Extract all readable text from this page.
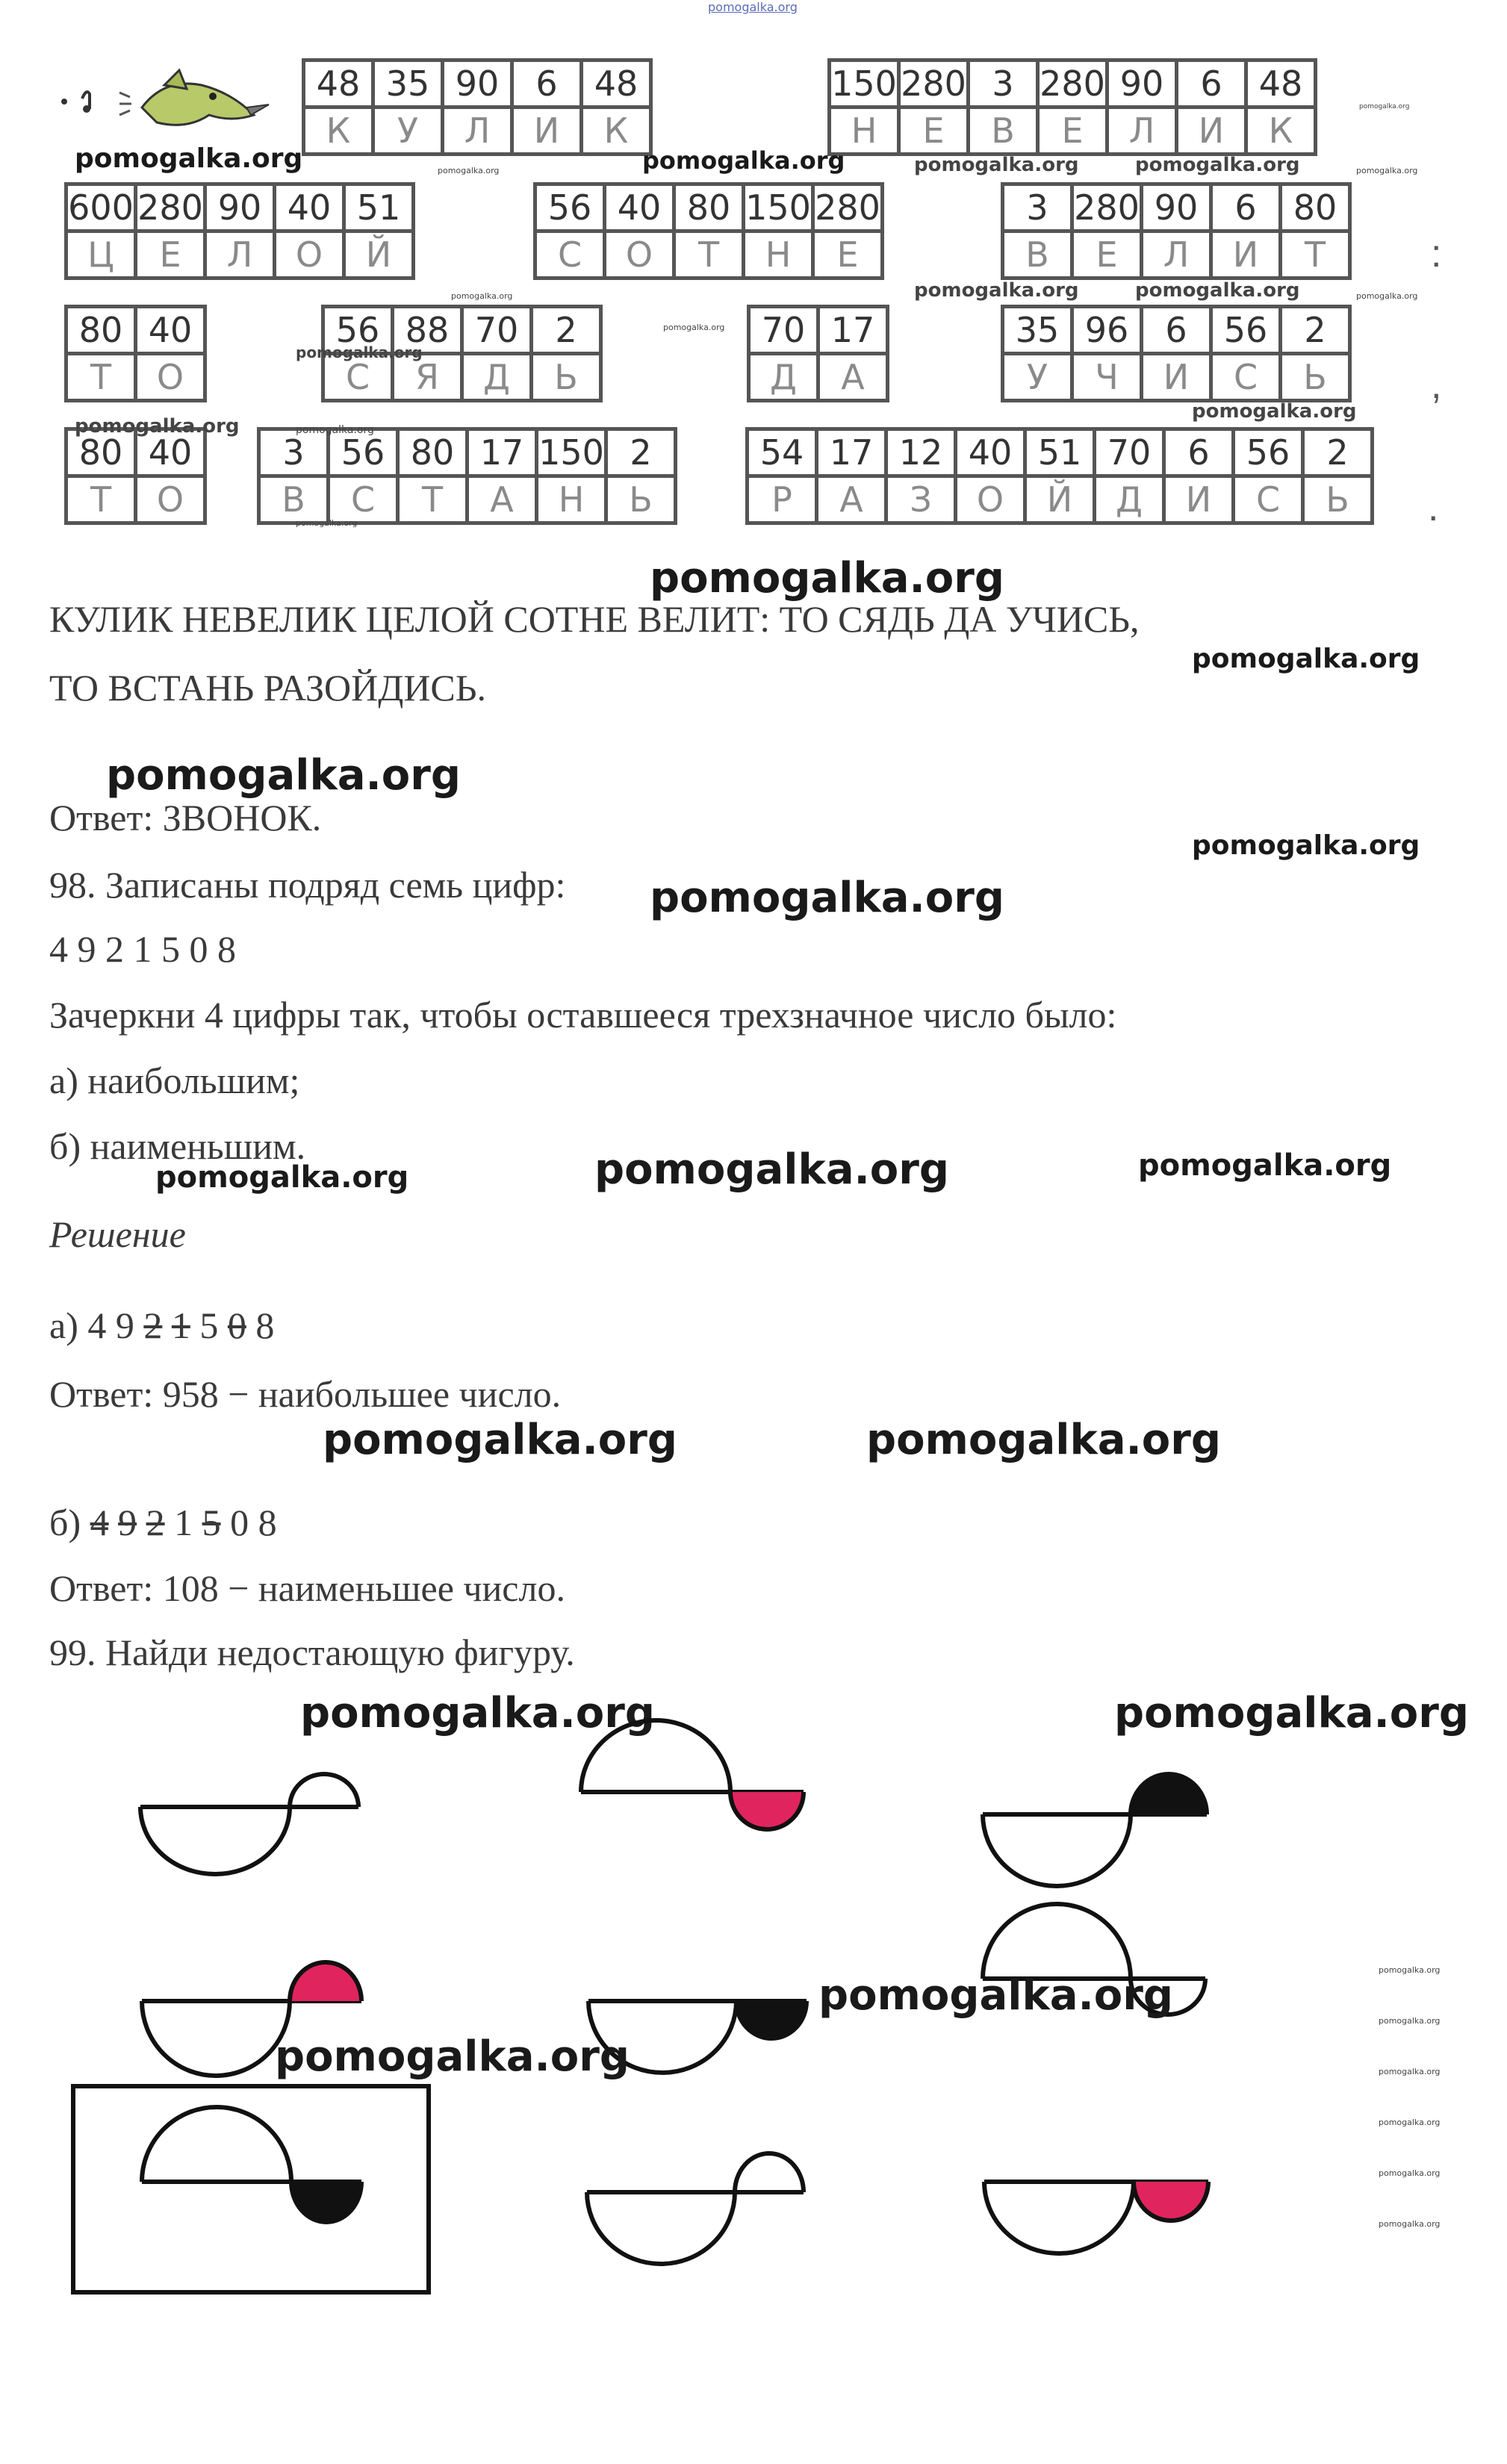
pomogalka.org
48	35	90	6	48
К	У	Л	И	К
150	280	3	280	90	6	48
Н	Е	В	Е	Л	И	К
600	280	90	40	51
Ц	Е	Л	О	Й
56	40	80	150	280
С	О	Т	Н	Е
3	280	90	6	80
В	Е	Л	И	Т	:
80	40
Т	О
56	88	70	2
С	Я	Д	Ь
70	17
Д	А
35	96	6	56	2
У	Ч	И	С	Ь	,
80	40
Т	О
3	56	80	17	150	2
В	С	Т	А	Н	Ь
54	17	12	40	51	70	6	56	2
Р	А	З	О	Й	Д	И	С	Ь .
pomogalka.org	pomogalka.org	pomogalka.org	pomogalka.org
pomogalka.org	pomogalka.org
pomogalka.org
pomogalka.org	pomogalka.org
pomogalka.org	pomogalka.org
pomogalka.org
pomogalka.org
pomogalka.org
pomogalka.org	pomogalka.org
pomogalka.org
pomogalka.org
КУЛИК НЕВЕЛИК ЦЕЛОЙ СОТНЕ ВЕЛИТ: ТО СЯДЬ ДА УЧИСЬ,
pomogalka.org
ТО ВСТАНЬ РАЗОЙДИСЬ.
pomogalka.org
Ответ: ЗВОНОК.
pomogalka.org
98. Записаны подряд семь цифр: pomogalka.org
4 9 2 1 5 0 8
Зачеркни 4 цифры так, чтобы оставшееся трехзначное число было:
а) наибольшим;
б) наименьшим.
pomogalka.org	pomogalka.org	pomogalka.org
Решение
а) 4 9 2 1 5 0 8
Ответ: 958 − наибольшее число.
pomogalka.org	pomogalka.org
б) 4 9 2 1 5 0 8
Ответ: 108 − наименьшее число.
99. Найди недостающую фигуру.
pomogalka.org	pomogalka.org
pomogalka.org
pomogalka.org
pomogalka.org
pomogalka.org
pomogalka.org
pomogalka.org
pomogalka.org
pomogalka.org
